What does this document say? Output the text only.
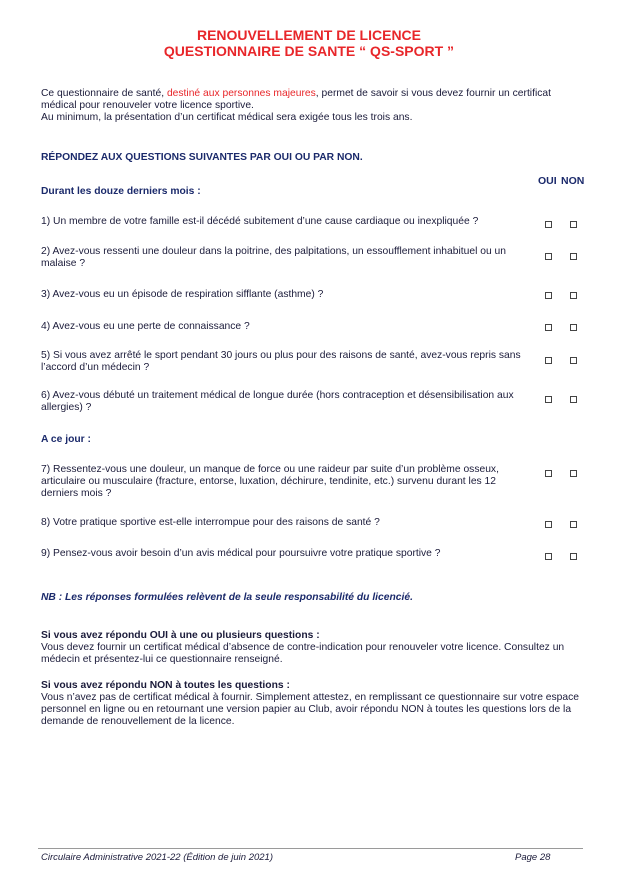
RENOUVELLEMENT DE LICENCE
QUESTIONNAIRE DE SANTE “ QS-SPORT ”
Ce questionnaire de santé, destiné aux personnes majeures, permet de savoir si vous devez fournir un certificat médical pour renouveler votre licence sportive.
Au minimum, la présentation d’un certificat médical sera exigée tous les trois ans.
RÉPONDEZ AUX QUESTIONS SUIVANTES PAR OUI OU PAR NON.
OUI NON
Durant les douze derniers mois :
1) Un membre de votre famille est-il décédé subitement d’une cause cardiaque ou inexpliquée ?
2) Avez-vous ressenti une douleur dans la poitrine, des palpitations, un essoufflement inhabituel ou un malaise ?
3) Avez-vous eu un épisode de respiration sifflante (asthme) ?
4) Avez-vous eu une perte de connaissance ?
5) Si vous avez arrêté le sport pendant 30 jours ou plus pour des raisons de santé, avez-vous repris sans l’accord d’un médecin ?
6) Avez-vous débuté un traitement médical de longue durée (hors contraception et désensibilisation aux allergies) ?
A ce jour :
7) Ressentez-vous une douleur, un manque de force ou une raideur par suite d’un problème osseux, articulaire ou musculaire (fracture, entorse, luxation, déchirure, tendinite, etc.) survenu durant les 12 derniers mois ?
8) Votre pratique sportive est-elle interrompue pour des raisons de santé ?
9) Pensez-vous avoir besoin d’un avis médical pour poursuivre votre pratique sportive ?
NB : Les réponses formulées relèvent de la seule responsabilité du licencié.
Si vous avez répondu OUI à une ou plusieurs questions :
Vous devez fournir un certificat médical d’absence de contre-indication pour renouveler votre licence. Consultez un médecin et présentez-lui ce questionnaire renseigné.
Si vous avez répondu NON à toutes les questions :
Vous n’avez pas de certificat médical à fournir. Simplement attestez, en remplissant ce questionnaire sur votre espace personnel en ligne ou en retournant une version papier au Club, avoir répondu NON à toutes les questions lors de la demande de renouvellement de la licence.
Circulaire Administrative 2021-22 (Édition de juin 2021)	Page 28
